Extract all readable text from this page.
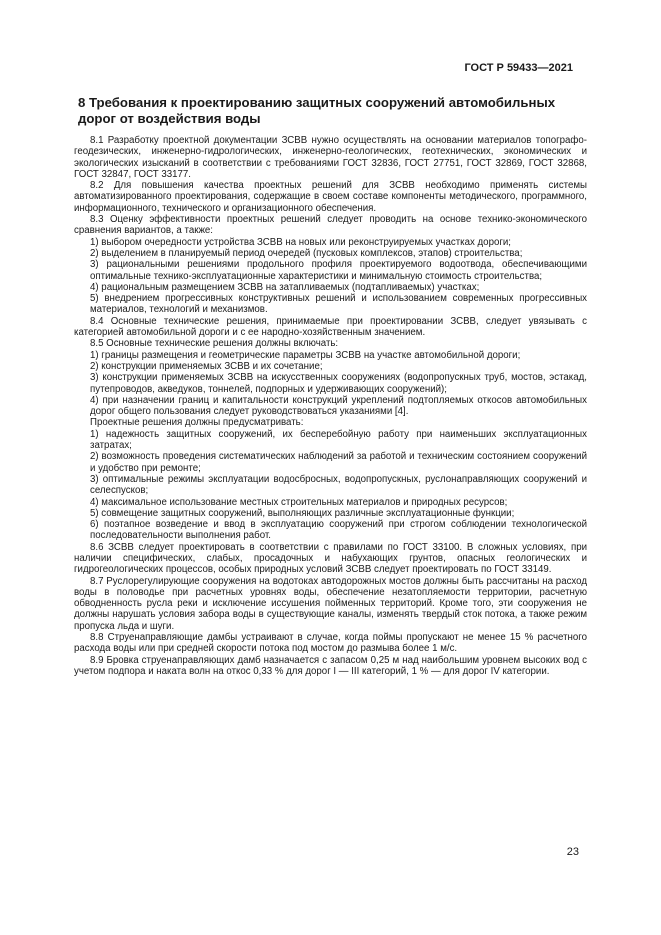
ГОСТ Р 59433—2021
8 Требования к проектированию защитных сооружений автомобильных дорог от воздействия воды

8.1 Разработку проектной документации ЗСВВ нужно осуществлять на основании материалов топографо-геодезических, инженерно-гидрологических, инженерно-геологических, геотехнических, экономических и экологических изысканий в соответствии с требованиями ГОСТ 32836, ГОСТ 27751, ГОСТ 32869, ГОСТ 32868, ГОСТ 32847, ГОСТ 33177.

8.2 Для повышения качества проектных решений для ЗСВВ необходимо применять системы автоматизированного проектирования, содержащие в своем составе компоненты методического, программного, информационного, технического и организационного обеспечения.

8.3 Оценку эффективности проектных решений следует проводить на основе технико-экономического сравнения вариантов, а также:

1) выбором очередности устройства ЗСВВ на новых или реконструируемых участках дороги;

2) выделением в планируемый период очередей (пусковых комплексов, этапов) строительства;

3) рациональными решениями продольного профиля проектируемого водоотвода, обеспечивающими оптимальные технико-эксплуатационные характеристики и минимальную стоимость строительства;

4) рациональным размещением ЗСВВ на затапливаемых (подтапливаемых) участках;

5) внедрением прогрессивных конструктивных решений и использованием современных прогрессивных материалов, технологий и механизмов.

8.4 Основные технические решения, принимаемые при проектировании ЗСВВ, следует увязывать с категорией автомобильной дороги и с ее народно-хозяйственным значением.

8.5 Основные технические решения должны включать:

1) границы размещения и геометрические параметры ЗСВВ на участке автомобильной дороги;

2) конструкции применяемых ЗСВВ и их сочетание;

3) конструкции применяемых ЗСВВ на искусственных сооружениях (водопропускных труб, мостов, эстакад, путепроводов, акведуков, тоннелей, подпорных и удерживающих сооружений);

4) при назначении границ и капитальности конструкций укреплений подтопляемых откосов автомобильных дорог общего пользования следует руководствоваться указаниями [4].

Проектные решения должны предусматривать:

1) надежность защитных сооружений, их бесперебойную работу при наименьших эксплуатационных затратах;

2) возможность проведения систематических наблюдений за работой и техническим состоянием сооружений и удобство при ремонте;

3) оптимальные режимы эксплуатации водосбросных, водопропускных, руслонаправляющих сооружений и селеспусков;

4) максимальное использование местных строительных материалов и природных ресурсов;

5) совмещение защитных сооружений, выполняющих различные эксплуатационные функции;

6) поэтапное возведение и ввод в эксплуатацию сооружений при строгом соблюдении технологической последовательности выполнения работ.

8.6 ЗСВВ следует проектировать в соответствии с правилами по ГОСТ 33100. В сложных условиях, при наличии специфических, слабых, просадочных и набухающих грунтов, опасных геологических и гидрогеологических процессов, особых природных условий ЗСВВ следует проектировать по ГОСТ 33149.

8.7 Руслорегулирующие сооружения на водотоках автодорожных мостов должны быть рассчитаны на расход воды в половодье при расчетных уровнях воды, обеспечение незатопляемости территории, расчетную обводненность русла реки и исключение иссушения пойменных территорий. Кроме того, эти сооружения не должны нарушать условия забора воды в существующие каналы, изменять твердый сток потока, а также режим пропуска льда и шуги.

8.8 Струенаправляющие дамбы устраивают в случае, когда поймы пропускают не менее 15 % расчетного расхода воды или при средней скорости потока под мостом до размыва более 1 м/с.

8.9 Бровка струенаправляющих дамб назначается с запасом 0,25 м над наибольшим уровнем высоких вод с учетом подпора и наката волн на откос 0,33 % для дорог I — III категорий, 1 % — для дорог IV категории.

23
